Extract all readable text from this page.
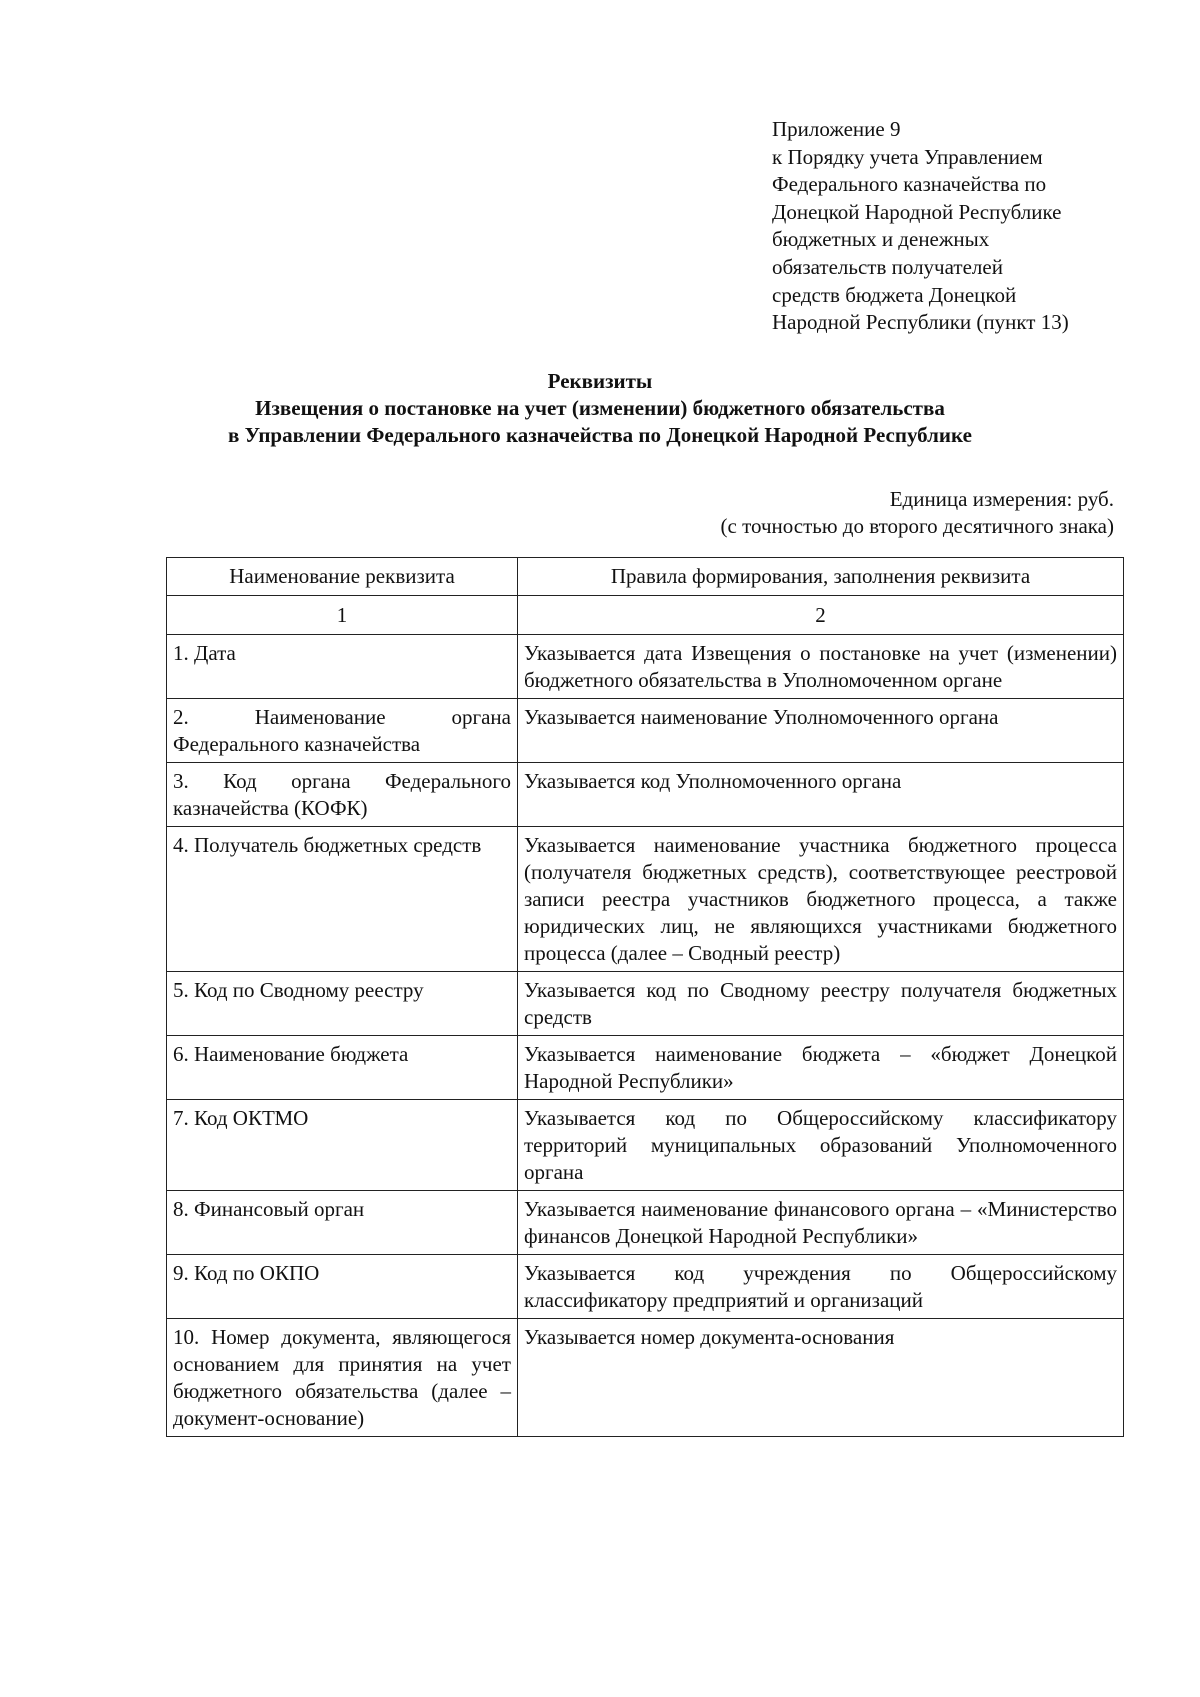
Приложение 9
к Порядку учета Управлением
Федерального казначейства по
Донецкой Народной Республике
бюджетных и денежных
обязательств получателей
средств бюджета Донецкой
Народной Республики (пункт 13)
Реквизиты
Извещения о постановке на учет (изменении) бюджетного обязательства
в Управлении Федерального казначейства по Донецкой Народной Республике
Единица измерения: руб.
(с точностью до второго десятичного знака)
Наименование реквизита	Правила формирования, заполнения реквизита
1	2
1. Дата	Указывается дата Извещения о постановке на учет (изменении) бюджетного обязательства в Уполномоченном органе
2. Наименование органа Федерального казначейства	Указывается наименование Уполномоченного органа
3. Код органа Федерального казначейства (КОФК)	Указывается код Уполномоченного органа
4. Получатель бюджетных средств	Указывается наименование участника бюджетного процесса (получателя бюджетных средств), соответствующее реестровой записи реестра участников бюджетного процесса, а также юридических лиц, не являющихся участниками бюджетного процесса (далее – Сводный реестр)
5. Код по Сводному реестру	Указывается код по Сводному реестру получателя бюджетных средств
6. Наименование бюджета	Указывается наименование бюджета – «бюджет Донецкой Народной Республики»
7. Код ОКТМО	Указывается код по Общероссийскому классификатору территорий муниципальных образований Уполномоченного органа
8. Финансовый орган	Указывается наименование финансового органа – «Министерство финансов Донецкой Народной Республики»
9. Код по ОКПО	Указывается код учреждения по Общероссийскому классификатору предприятий и организаций
10. Номер документа, являющегося основанием для принятия на учет бюджетного обязательства (далее – документ-основание)	Указывается номер документа-основания
